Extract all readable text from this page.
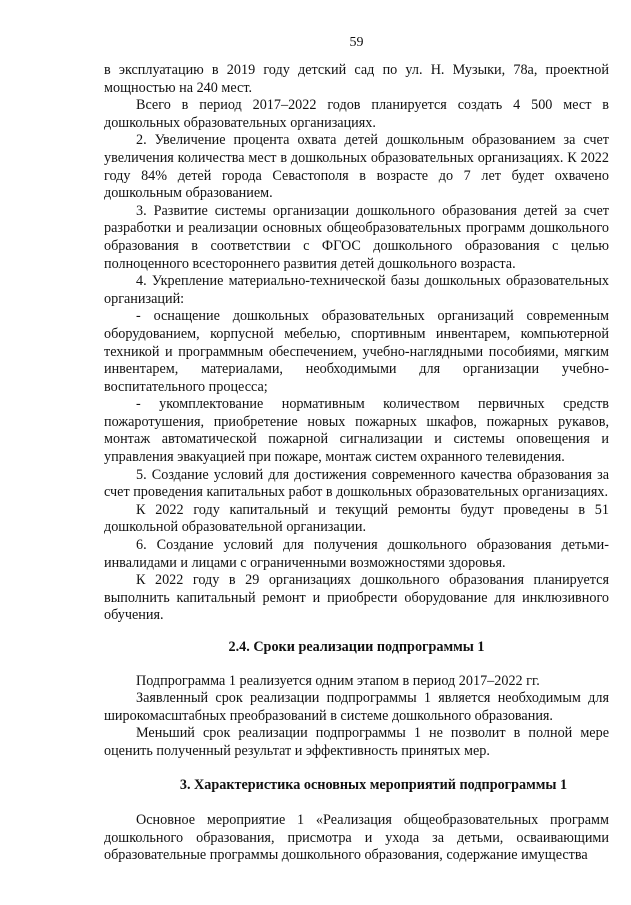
59

в эксплуатацию в 2019 году детский сад по ул. Н. Музыки, 78а, проектной мощностью на 240 мест.

Всего в период 2017–2022 годов планируется создать 4 500 мест в дошкольных образовательных организациях.

2. Увеличение процента охвата детей дошкольным образованием за счет увеличения количества мест в дошкольных образовательных организациях. К 2022 году 84% детей города Севастополя в возрасте до 7 лет будет охвачено дошкольным образованием.

3. Развитие системы организации дошкольного образования детей за счет разработки и реализации основных общеобразовательных программ дошкольного образования в соответствии с ФГОС дошкольного образования с целью полноценного всестороннего развития детей дошкольного возраста.

4. Укрепление материально-технической базы дошкольных образовательных организаций:

- оснащение дошкольных образовательных организаций современным оборудованием, корпусной мебелью, спортивным инвентарем, компьютерной техникой и программным обеспечением, учебно-наглядными пособиями, мягким инвентарем, материалами, необходимыми для организации учебно-воспитательного процесса;

- укомплектование нормативным количеством первичных средств пожаротушения, приобретение новых пожарных шкафов, пожарных рукавов, монтаж автоматической пожарной сигнализации и системы оповещения и управления эвакуацией при пожаре, монтаж систем охранного телевидения.

5. Создание условий для достижения современного качества образования за счет проведения капитальных работ в дошкольных образовательных организациях.

К 2022 году капитальный и текущий ремонты будут проведены в 51 дошкольной образовательной организации.

6. Создание условий для получения дошкольного образования детьми-инвалидами и лицами с ограниченными возможностями здоровья.

К 2022 году в 29 организациях дошкольного образования планируется выполнить капитальный ремонт и приобрести оборудование для инклюзивного обучения.

2.4. Сроки реализации подпрограммы 1

Подпрограмма 1 реализуется одним этапом в период 2017–2022 гг.

Заявленный срок реализации подпрограммы 1 является необходимым для широкомасштабных преобразований в системе дошкольного образования.

Меньший срок реализации подпрограммы 1 не позволит в полной мере оценить полученный результат и эффективность принятых мер.

3. Характеристика основных мероприятий подпрограммы 1

Основное мероприятие 1 «Реализация общеобразовательных программ дошкольного образования, присмотра и ухода за детьми, осваивающими образовательные программы дошкольного образования, содержание имущества
